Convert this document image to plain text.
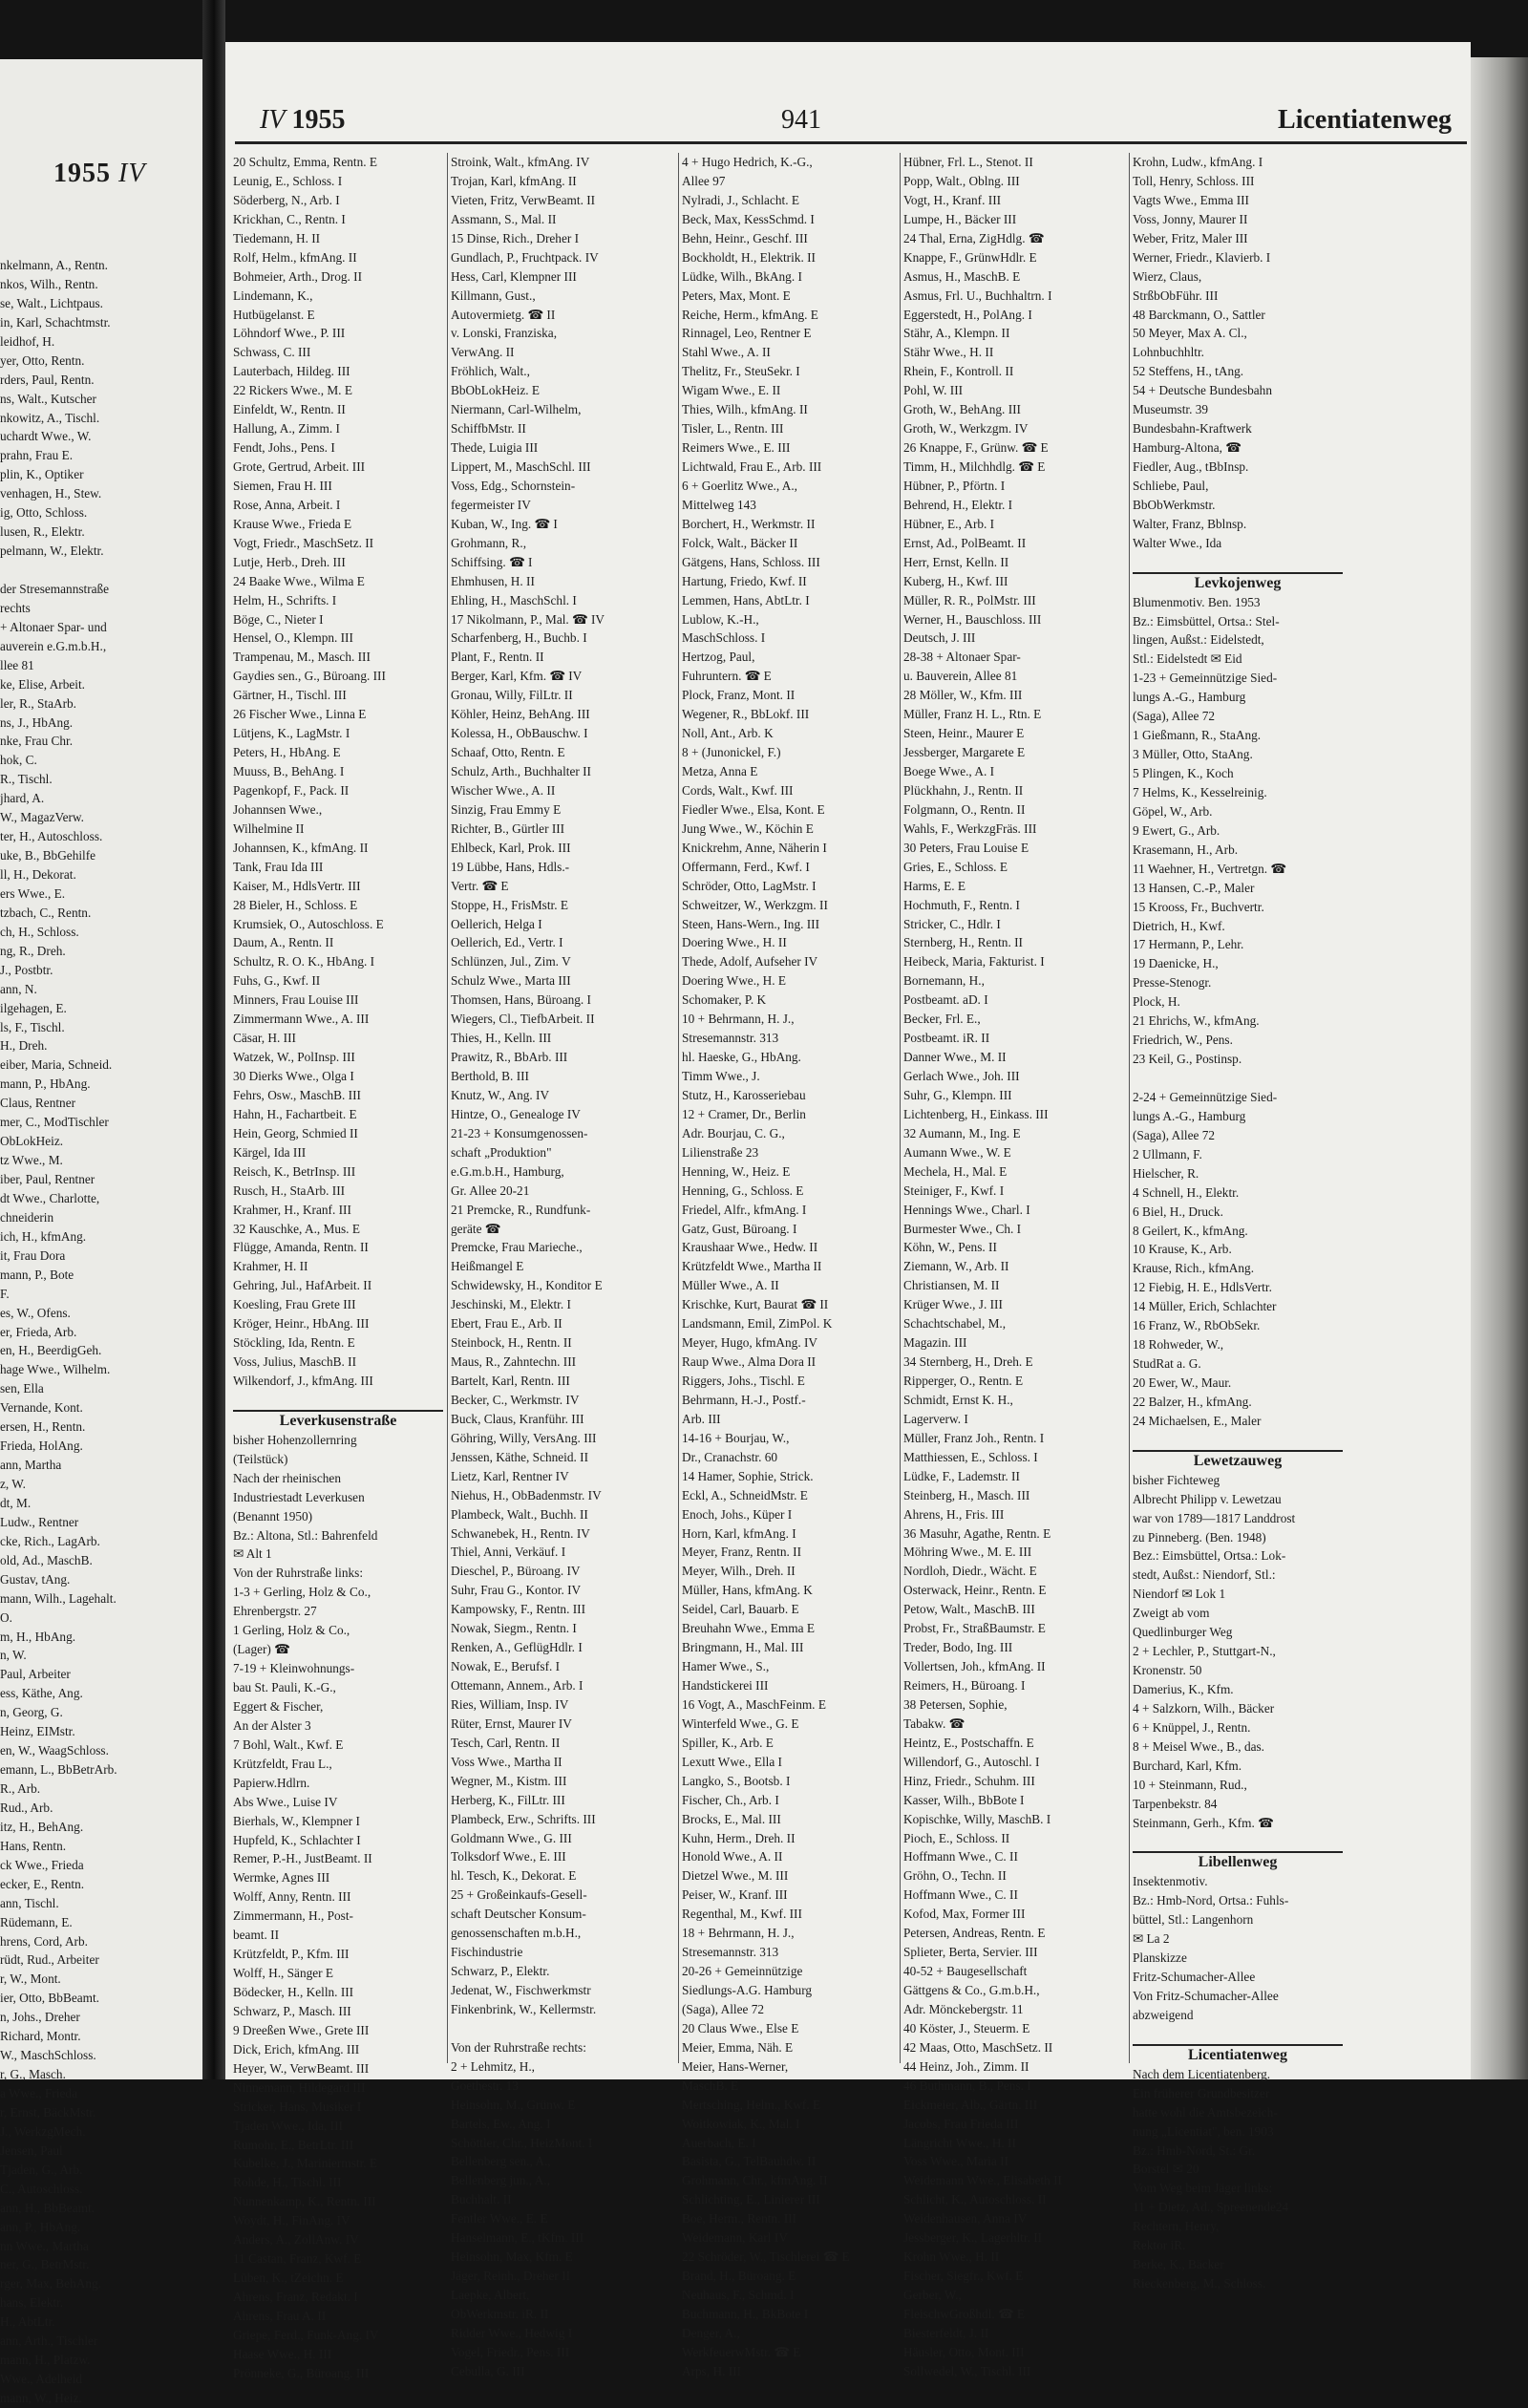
1955 IV
nkelmann, A., Rentn.
nkos, Wilh., Rentn.
se, Walt., Lichtpaus.
in, Karl, Schachtmstr.
leidhof, H.
yer, Otto, Rentn.
rders, Paul, Rentn.
ns, Walt., Kutscher
nkowitz, A., Tischl.
uchardt Wwe., W.
prahn, Frau E.
plin, K., Optiker
venhagen, H., Stew.
ig, Otto, Schloss.
lusen, R., Elektr.
pelmann, W., Elektr.
der Stresemannstraße
rechts
+ Altonaer Spar- und
auverein e.G.m.b.H.,
llee 81
ke, Elise, Arbeit.
ler, R., StaArb.
ns, J., HbAng.
nke, Frau Chr.
hok, C.
R., Tischl.
jhard, A.
W., MagazVerw.
ter, H., Autoschloss.
uke, B., BbGehilfe
ll, H., Dekorat.
ers Wwe., E.
tzbach, C., Rentn.
ch, H., Schloss.
ng, R., Dreh.
J., Postbtr.
ann, N.
ilgehagen, E.
ls, F., Tischl.
H., Dreh.
eiber, Maria, Schneid.
mann, P., HbAng.
Claus, Rentner
mer, C., ModTischler
ObLokHeiz.
tz Wwe., M.
iber, Paul, Rentner
dt Wwe., Charlotte,
chneiderin
ich, H., kfmAng.
it, Frau Dora
mann, P., Bote
F.
es, W., Ofens.
er, Frieda, Arb.
en, H., BeerdigGeh.
hage Wwe., Wilhelm.
sen, Ella
Vernande, Kont.
ersen, H., Rentn.
Frieda, HolAng.
ann, Martha
z, W.
dt, M.
Ludw., Rentner
cke, Rich., LagArb.
old, Ad., MaschB.
Gustav, tAng.
mann, Wilh., Lagehalt.
O.
m, H., HbAng.
n, W.
Paul, Arbeiter
ess, Käthe, Ang.
n, Georg, G.
Heinz, EIMstr.
en, W., WaagSchloss.
emann, L., BbBetrArb.
R., Arb.
Rud., Arb.
itz, H., BehAng.
Hans, Rentn.
ck Wwe., Frieda
ecker, E., Rentn.
ann, Tischl.
Rüdemann, E.
hrens, Cord, Arb.
rüdt, Rud., Arbeiter
r, W., Mont.
ier, Otto, BbBeamt.
n, Johs., Dreher
Richard, Montr.
W., MaschSchloss.
r, G., Masch.
a Wwe., Frieda
r, Ernst, BäckMstr.
J., WerkzgMech.
Jensen, Paul
Tjaden, G., Arb.
C., Autoschloss.
ann, H., BbBeamt.
ann, P., HbAng.
nn Wwe., Martha
ner, G., BetrMstr.
rger, Max, BehAng.
hans, Elektr.
H., AbtLtr.
ann, Arth., Tischler
mann, H., Platzw.
Wwe., Adelheid
mann, W., Heiz.
IV 1955	941	Licentiatenweg
20 Schultz, Emma, Rentn. E
Leunig, E., Schloss. I
Söderberg, N., Arb. I
Krickhan, C., Rentn. I
Tiedemann, H. II
Rolf, Helm., kfmAng. II
Bohmeier, Arth., Drog. II
Lindemann, K.,
Hutbügelanst. E
Löhndorf Wwe., P. III
Schwass, C. III
Lauterbach, Hildeg. III
22 Rickers Wwe., M. E
Einfeldt, W., Rentn. II
Hallung, A., Zimm. I
Fendt, Johs., Pens. I
Grote, Gertrud, Arbeit. III
Siemen, Frau H. III
Rose, Anna, Arbeit. I
Krause Wwe., Frieda E
Vogt, Friedr., MaschSetz. II
Lutje, Herb., Dreh. III
24 Baake Wwe., Wilma E
Helm, H., Schrifts. I
Böge, C., Nieter I
Hensel, O., Klempn. III
Trampenau, M., Masch. III
Gaydies sen., G., Büroang. III
Gärtner, H., Tischl. III
26 Fischer Wwe., Linna E
Lütjens, K., LagMstr. I
Peters, H., HbAng. E
Muuss, B., BehAng. I
Pagenkopf, F., Pack. II
Johannsen Wwe.,
Wilhelmine II
Johannsen, K., kfmAng. II
Tank, Frau Ida III
Kaiser, M., HdlsVertr. III
28 Bieler, H., Schloss. E
Krumsiek, O., Autoschloss. E
Daum, A., Rentn. II
Schultz, R. O. K., HbAng. I
Fuhs, G., Kwf. II
Minners, Frau Louise III
Zimmermann Wwe., A. III
Cäsar, H. III
Watzek, W., PolInsp. III
30 Dierks Wwe., Olga I
Fehrs, Osw., MaschB. III
Hahn, H., Fachartbeit. E
Hein, Georg, Schmied II
Kärgel, Ida III
Reisch, K., BetrInsp. III
Rusch, H., StaArb. III
Krahmer, H., Kranf. III
32 Kauschke, A., Mus. E
Flügge, Amanda, Rentn. II
Krahmer, H. II
Gehring, Jul., HafArbeit. II
Koesling, Frau Grete III
Kröger, Heinr., HbAng. III
Stöckling, Ida, Rentn. E
Voss, Julius, MaschB. II
Wilkendorf, J., kfmAng. III
Leverkusenstraße
bisher Hohenzollernring
(Teilstück)
Nach der rheinischen
Industriestadt Leverkusen
(Benannt 1950)
Bz.: Altona, Stl.: Bahrenfeld
✉ Alt 1
Von der Ruhrstraße links:
1-3 + Gerling, Holz & Co.,
Ehrenbergstr. 27
1 Gerling, Holz & Co.,
(Lager) ☎
7-19 + Kleinwohnungs-
bau St. Pauli, K.-G.,
Eggert & Fischer,
An der Alster 3
7 Bohl, Walt., Kwf. E
Krützfeldt, Frau L.,
Papierw.Hdlrn.
Abs Wwe., Luise IV
Bierhals, W., Klempner I
Hupfeld, K., Schlachter I
Remer, P.-H., JustBeamt. II
Wermke, Agnes III
Wolff, Anny, Rentn. III
Zimmermann, H., Post-
beamt. II
Krützfeldt, P., Kfm. III
Wolff, H., Sänger E
Bödecker, H., Kelln. III
Schwarz, P., Masch. III
9 Dreeßen Wwe., Grete III
Dick, Erich, kfmAng. III
Heyer, W., VerwBeamt. III
Ninnemann, Hildegard III
Stricker, Hans, Musiker I
Tjaden Wwe., Ida, III
Rumohr, E., BetrLtr. III
Kubelke, J., Mariniermstr. E
Rohde, H., Tischl. III
Nunnenkamp, K., Rentn. III
Woydt, H., FinAng. IV
Anders, A., ZollAnw. IV
11 Castan, Franz, Kwf. E
Lüben, K., tZeichn. E
Ahrens, Franz, Redakt. I
Ahrens, Frau A. II
Griepe, Ferd., Funk-Ang. IV
Haase Wwe., H. III
Prönneke, G., Büroang. III
Stroink, Walt., kfmAng. IV
Trojan, Karl, kfmAng. II
Vieten, Fritz, VerwBeamt. II
Assmann, S., Mal. II
15 Dinse, Rich., Dreher I
Gundlach, P., Fruchtpack. IV
Hess, Carl, Klempner III
Killmann, Gust.,
Autovermietg. ☎ II
v. Lonski, Franziska,
VerwAng. II
Fröhlich, Walt.,
BbObLokHeiz. E
Niermann, Carl-Wilhelm,
SchiffbMstr. II
Thede, Luigia III
Lippert, M., MaschSchl. III
Voss, Edg., Schornstein-
fegermeister IV
Kuban, W., Ing. ☎ I
Grohmann, R.,
Schiffsing. ☎ I
Ehmhusen, H. II
Ehling, H., MaschSchl. I
17 Nikolmann, P., Mal. ☎ IV
Scharfenberg, H., Buchb. I
Plant, F., Rentn. II
Berger, Karl, Kfm. ☎ IV
Gronau, Willy, FilLtr. II
Köhler, Heinz, BehAng. III
Kolessa, H., ObBauschw. I
Schaaf, Otto, Rentn. E
Schulz, Arth., Buchhalter II
Wischer Wwe., A. II
Sinzig, Frau Emmy E
Richter, B., Gürtler III
Ehlbeck, Karl, Prok. III
19 Lübbe, Hans, Hdls.-
Vertr. ☎ E
Stoppe, H., FrisMstr. E
Oellerich, Helga I
Oellerich, Ed., Vertr. I
Schlünzen, Jul., Zim. V
Schulz Wwe., Marta III
Thomsen, Hans, Büroang. I
Wiegers, Cl., TiefbArbeit. II
Thies, H., Kelln. III
Prawitz, R., BbArb. III
Berthold, B. III
Knutz, W., Ang. IV
Hintze, O., Genealoge IV
21-23 + Konsumgenossen-
schaft „Produktion"
e.G.m.b.H., Hamburg,
Gr. Allee 20-21
21 Premcke, R., Rundfunk-
geräte ☎
Premcke, Frau Marieche.,
Heißmangel E
Schwidewsky, H., Konditor E
Jeschinski, M., Elektr. I
Ebert, Frau E., Arb. II
Steinbock, H., Rentn. II
Maus, R., Zahntechn. III
Bartelt, Karl, Rentn. III
Becker, C., Werkmstr. IV
Buck, Claus, Kranführ. III
Göhring, Willy, VersAng. III
Jenssen, Käthe, Schneid. II
Lietz, Karl, Rentner IV
Niehus, H., ObBadenmstr. IV
Plambeck, Walt., Buchh. II
Schwanebek, H., Rentn. IV
Thiel, Anni, Verkäuf. I
Dieschel, P., Büroang. IV
Suhr, Frau G., Kontor. IV
Kampowsky, F., Rentn. III
Nowak, Siegm., Rentn. I
Renken, A., GeflügHdlr. I
Nowak, E., Berufsf. I
Ottemann, Annem., Arb. I
Ries, William, Insp. IV
Rüter, Ernst, Maurer IV
Tesch, Carl, Rentn. II
Voss Wwe., Martha II
Wegner, M., Kistm. III
Herberg, K., FilLtr. III
Plambeck, Erw., Schrifts. III
Goldmann Wwe., G. III
Tolksdorf Wwe., E. III
hl. Tesch, K., Dekorat. E
25 + Großeinkaufs-Gesell-
schaft Deutscher Konsum-
genossenschaften m.b.H.,
Fischindustrie
Schwarz, P., Elektr.
Jedenat, W., Fischwerkmstr
Finkenbrink, W., Kellermstr.
Von der Ruhrstraße rechts:
2 + Lehmitz, H.,
Goethestr. 13
Heinsohn, M., Grünw. E
Bartels, Ew., Ang. I
Schöttler, Chr., HeizMont. I
Bellenberg sen., A.,
Bellenberg jun., A.,
Buchhalt. II
Fentler Wwe., E. E
Hanselmann, E., tKfm. III
Heinsohn, Max, Kfm. E
Jäger, Reinh., Dreher II
Laepke, Albert,
ObWerkmstr. iR. II
Ridder Wwe., Hedwig I
Vogel, Friedr., Pens. III
Cebulla, G. III
4 + Hugo Hedrich, K.-G.,
Allee 97
Nylradi, J., Schlacht. E
Beck, Max, KessSchmd. I
Behn, Heinr., Geschf. III
Bockholdt, H., Elektrik. II
Lüdke, Wilh., BkAng. I
Peters, Max, Mont. E
Reiche, Herm., kfmAng. E
Rinnagel, Leo, Rentner E
Stahl Wwe., A. II
Thelitz, Fr., SteuSekr. I
Wigam Wwe., E. II
Thies, Wilh., kfmAng. II
Tisler, L., Rentn. III
Reimers Wwe., E. III
Lichtwald, Frau E., Arb. III
6 + Goerlitz Wwe., A.,
Mittelweg 143
Borchert, H., Werkmstr. II
Folck, Walt., Bäcker II
Gätgens, Hans, Schloss. III
Hartung, Friedo, Kwf. II
Lemmen, Hans, AbtLtr. I
Lublow, K.-H.,
MaschSchloss. I
Hertzog, Paul,
Fuhruntern. ☎ E
Plock, Franz, Mont. II
Wegener, R., BbLokf. III
Noll, Ant., Arb. K
8 + (Junonickel, F.)
Metza, Anna E
Cords, Walt., Kwf. III
Fiedler Wwe., Elsa, Kont. E
Jung Wwe., W., Köchin E
Knickrehm, Anne, Näherin I
Offermann, Ferd., Kwf. I
Schröder, Otto, LagMstr. I
Schweitzer, W., Werkzgm. II
Steen, Hans-Wern., Ing. III
Doering Wwe., H. II
Thede, Adolf, Aufseher IV
Doering Wwe., H. E
Schomaker, P. K
10 + Behrmann, H. J.,
Stresemannstr. 313
hl. Haeske, G., HbAng.
Timm Wwe., J.
Stutz, H., Karosseriebau
12 + Cramer, Dr., Berlin
Adr. Bourjau, C. G.,
Lilienstraße 23
Henning, W., Heiz. E
Henning, G., Schloss. E
Friedel, Alfr., kfmAng. I
Gatz, Gust, Büroang. I
Kraushaar Wwe., Hedw. II
Krützfeldt Wwe., Martha II
Müller Wwe., A. II
Krischke, Kurt, Baurat ☎ II
Landsmann, Emil, ZimPol. K
Meyer, Hugo, kfmAng. IV
Raup Wwe., Alma Dora II
Riggers, Johs., Tischl. E
Behrmann, H.-J., Postf.-
Arb. III
14-16 + Bourjau, W.,
Dr., Cranachstr. 60
14 Hamer, Sophie, Strick.
Eckl, A., SchneidMstr. E
Enoch, Johs., Küper I
Horn, Karl, kfmAng. I
Meyer, Franz, Rentn. II
Meyer, Wilh., Dreh. II
Müller, Hans, kfmAng. K
Seidel, Carl, Bauarb. E
Breuhahn Wwe., Emma E
Bringmann, H., Mal. III
Hamer Wwe., S.,
Handstickerei III
16 Vogt, A., MaschFeinm. E
Winterfeld Wwe., G. E
Spiller, K., Arb. E
Lexutt Wwe., Ella I
Langko, S., Bootsb. I
Fischer, Ch., Arb. I
Brocks, E., Mal. III
Kuhn, Herm., Dreh. II
Honold Wwe., A. II
Dietzel Wwe., M. III
Peiser, W., Kranf. III
Regenthal, M., Kwf. III
18 + Behrmann, H. J.,
Stresemannstr. 313
20-26 + Gemeinnützige
Siedlungs-A.G. Hamburg
(Saga), Allee 72
20 Claus Wwe., Else E
Meier, Emma, Näh. E
Meier, Hans-Werner,
MaschB. E
Mertsching, Helm., Kwf. E
Woitkowiak, K., Mal. I
Auerbach, E. I
Basista, G., TelBauhdw. II
Grohmann, Chr., kfmAng. II
Schlichting, E., Linierer III
Boe, Herm., Rentn. III
Weidemann, Karl IV
22 Schröder, W., Tischlerei ☎ E
Brand, H., Büroang. E
Neuhaus, F., Schmd. I
Buchmann, H., BkBote I
Denger, A.,
WerkfeuerwMstr. ☎ E
Arps, H. III
Hübner, Frl. L., Stenot. II
Popp, Walt., Oblng. III
Vogt, H., Kranf. III
Lumpe, H., Bäcker III
24 Thal, Erna, ZigHdlg. ☎
Knappe, F., GrünwHdlr. E
Asmus, H., MaschB. E
Asmus, Frl. U., Buchhaltrn. I
Eggerstedt, H., PolAng. I
Stähr, A., Klempn. II
Stähr Wwe., H. II
Rhein, F., Kontroll. II
Pohl, W. III
Groth, W., BehAng. III
Groth, W., Werkzgm. IV
26 Knappe, F., Grünw. ☎ E
Timm, H., Milchhdlg. ☎ E
Hübner, P., Pförtn. I
Behrend, H., Elektr. I
Hübner, E., Arb. I
Ernst, Ad., PolBeamt. II
Herr, Ernst, Kelln. II
Kuberg, H., Kwf. III
Müller, R. R., PolMstr. III
Werner, H., Bauschloss. III
Deutsch, J. III
28-38 + Altonaer Spar-
u. Bauverein, Allee 81
28 Möller, W., Kfm. III
Müller, Franz H. L., Rtn. E
Steen, Heinr., Maurer E
Jessberger, Margarete E
Boege Wwe., A. I
Plückhahn, J., Rentn. II
Folgmann, O., Rentn. II
Wahls, F., WerkzgFräs. III
30 Peters, Frau Louise E
Gries, E., Schloss. E
Harms, E. E
Hochmuth, F., Rentn. I
Stricker, C., Hdlr. I
Sternberg, H., Rentn. II
Heibeck, Maria, Fakturist. I
Bornemann, H.,
Postbeamt. aD. I
Becker, Frl. E.,
Postbeamt. iR. II
Danner Wwe., M. II
Gerlach Wwe., Joh. III
Suhr, G., Klempn. III
Lichtenberg, H., Einkass. III
32 Aumann, M., Ing. E
Aumann Wwe., W. E
Mechela, H., Mal. E
Steiniger, F., Kwf. I
Hennings Wwe., Charl. I
Burmester Wwe., Ch. I
Köhn, W., Pens. II
Ziemann, W., Arb. II
Christiansen, M. II
Krüger Wwe., J. III
Schachtschabel, M.,
Magazin. III
34 Sternberg, H., Dreh. E
Ripperger, O., Rentn. E
Schmidt, Ernst K. H.,
Lagerverw. I
Müller, Franz Joh., Rentn. I
Matthiessen, E., Schloss. I
Lüdke, F., Lademstr. II
Steinberg, H., Masch. III
Ahrens, H., Fris. III
36 Masuhr, Agathe, Rentn. E
Möhring Wwe., M. E. III
Nordloh, Diedr., Wächt. E
Osterwack, Heinr., Rentn. E
Petow, Walt., MaschB. III
Probst, Fr., StraßBaumstr. E
Treder, Bodo, Ing. III
Vollertsen, Joh., kfmAng. II
Reimers, H., Büroang. I
38 Petersen, Sophie,
Tabakw. ☎
Heintz, E., Postschaffn. E
Willendorf, G., Autoschl. I
Hinz, Friedr., Schuhm. III
Kasser, Wilh., BbBote I
Kopischke, Willy, MaschB. I
Pioch, E., Schloss. II
Hoffmann Wwe., C. II
Gröhn, O., Techn. II
Hoffmann Wwe., C. II
Kofod, Max, Former III
Petersen, Andreas, Rentn. E
Splieter, Berta, Servier. III
40-52 + Baugesellschaft
Gättgens & Co., G.m.b.H.,
Adr. Mönckebergstr. 11
40 Köster, J., Steuerm. E
42 Maas, Otto, MaschSetz. II
44 Heinz, Joh., Zimm. II
46 Buthmann, B., Pens. I
Eickmeier, Alb., Gärtn. III
Jacobs, Frau Frieda III
Längricht Wwe., H. II
Voss Wwe., Maria II
Weidemann Wwe., Elisabeth II
Schlicht, K., Autoschloss. II
Weidenhausen, Anna IV
Jessberger, K., Lagerhltr. II
Krohn Wwe., H. II
Fischer, Siegfr., Kwf. E
Gerber, W.,
FleischwGroßhdl. ☎ E
Biesterfeldt, J. II
Häusler, Otto, Mont. III
Sollwedel, W., Tischl. III
Krohn, Ludw., kfmAng. I
Toll, Henry, Schloss. III
Vagts Wwe., Emma III
Voss, Jonny, Maurer II
Weber, Fritz, Maler III
Werner, Friedr., Klavierb. I
Wierz, Claus,
StrßbObFühr. III
48 Barckmann, O., Sattler
50 Meyer, Max A. Cl.,
Lohnbuchhltr.
52 Steffens, H., tAng.
54 + Deutsche Bundesbahn
Museumstr. 39
Bundesbahn-Kraftwerk
Hamburg-Altona, ☎
Fiedler, Aug., tBbInsp.
Schliebe, Paul,
BbObWerkmstr.
Walter, Franz, Bblnsp.
Walter Wwe., Ida
Levkojenweg
Blumenmotiv. Ben. 1953
Bz.: Eimsbüttel, Ortsa.: Stel-
lingen, Außst.: Eidelstedt,
Stl.: Eidelstedt ✉ Eid
1-23 + Gemeinnützige Sied-
lungs A.-G., Hamburg
(Saga), Allee 72
1 Gießmann, R., StaAng.
3 Müller, Otto, StaAng.
5 Plingen, K., Koch
7 Helms, K., Kesselreinig.
Göpel, W., Arb.
9 Ewert, G., Arb.
Krasemann, H., Arb.
11 Waehner, H., Vertretgn. ☎
13 Hansen, C.-P., Maler
15 Krooss, Fr., Buchvertr.
Dietrich, H., Kwf.
17 Hermann, P., Lehr.
19 Daenicke, H.,
Presse-Stenogr.
Plock, H.
21 Ehrichs, W., kfmAng.
Friedrich, W., Pens.
23 Keil, G., Postinsp.
2-24 + Gemeinnützige Sied-
lungs A.-G., Hamburg
(Saga), Allee 72
2 Ullmann, F.
Hielscher, R.
4 Schnell, H., Elektr.
6 Biel, H., Druck.
8 Geilert, K., kfmAng.
10 Krause, K., Arb.
Krause, Rich., kfmAng.
12 Fiebig, H. E., HdlsVertr.
14 Müller, Erich, Schlachter
16 Franz, W., RbObSekr.
18 Rohweder, W.,
StudRat a. G.
20 Ewer, W., Maur.
22 Balzer, H., kfmAng.
24 Michaelsen, E., Maler
Lewetzauweg
bisher Fichteweg
Albrecht Philipp v. Lewetzau
war von 1789—1817 Landdrost
zu Pinneberg. (Ben. 1948)
Bez.: Eimsbüttel, Ortsa.: Lok-
stedt, Außst.: Niendorf, Stl.:
Niendorf ✉ Lok 1
Zweigt ab vom
Quedlinburger Weg
2 + Lechler, P., Stuttgart-N.,
Kronenstr. 50
Damerius, K., Kfm.
4 + Salzkorn, Wilh., Bäcker
6 + Knüppel, J., Rentn.
8 + Meisel Wwe., B., das.
Burchard, Karl, Kfm.
10 + Steinmann, Rud.,
Tarpenbekstr. 84
Steinmann, Gerh., Kfm. ☎
Libellenweg
Insektenmotiv.
Bz.: Hmb-Nord, Ortsa.: Fuhls-
büttel, Stl.: Langenhorn
✉ La 2
Planskizze
Fritz-Schumacher-Allee
Von Fritz-Schumacher-Allee
abzweigend
Licentiatenweg
Nach dem Licentiatenberg.
Ein früherer Grundbesitzer
hatte wohl die Amtsbezeich-
nung „Licentiat", ben. 1903
Bz.: Hmb-Nord, St.: Gr.
Borstel ✉ 20
Vom Weg beim Jäger links:
11 + Dietz, Ad., Spreenende24
Rechtern, Henry,
Rektor iR.
Berke, K., Bäcker
Rieckenberg, M., Schloss.
